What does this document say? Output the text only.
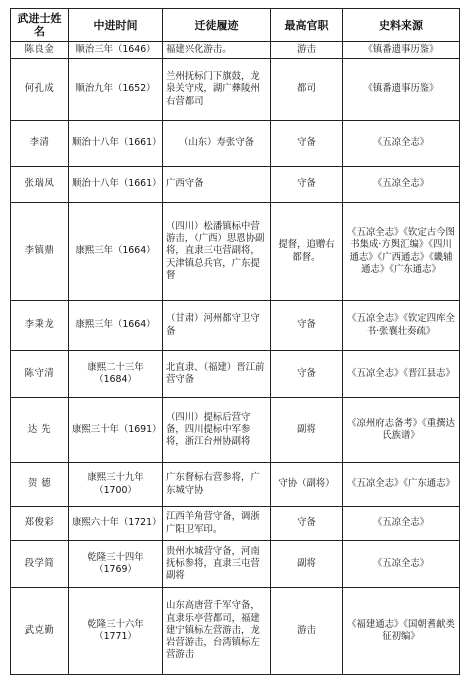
武进士姓名	中进时间	迁徒履迹	最高官职	史料来源
陈良金	顺治三年（1646）	福建兴化游击。	游击	《镇番遗事历鉴》
何孔成	顺治九年（1652）	兰州抚标门下旗鼓，龙泉关守戍，湖广彝陵州右营都司	都司	《镇番遗事历鉴》
李清	顺治十八年（1661）	（山东）寿张守备	守备	《五凉全志》
张瑞凤	顺治十八年（1661）	广西守备	守备	《五凉全志》
李镇鼎	康熙三年（1664）	（四川）松潘镇标中营游击，（广西）思恩协副将，直隶三屯营副将，天津镇总兵官，广东提督	提督，追赠右都督。	《五凉全志》《钦定古今图书集成·方舆汇编》《四川通志》《广西通志》《畿辅通志》《广东通志》
李秉龙	康熙三年（1664）	（甘肃）河州都守卫守备	守备	《五凉全志》《钦定四库全书·张襄壮奏疏》
陈守清	康熙二十三年（1684）	北直隶、（福建）晋江前营守备	守备	《五凉全志》《晋江县志》
达 先	康熙三十年（1691）	（四川）提标后营守备，四川提标中军参将，浙江台州协副将	副将	《凉州府志备考》《重撰达氏族谱》
贺 德	康熙三十九年（1700）	广东督标右营参将，广东城守协	守协（副将）	《五凉全志》《广东通志》
郑俊彩	康熙六十年（1721）	江西羊角营守备，调浙广阳卫军印。	守备	《五凉全志》
段学简	乾隆三十四年（1769）	贵州水城营守备，河南抚标参将，直隶三屯营副将	副将	《五凉全志》
武克勤	乾隆三十六年（1771）	山东高唐营千军守备，直隶乐亭营都司，福建建宁镇标左营游击，龙岩营游击，台湾镇标左营游击	游击	《福建通志》《国朝耆献类征初编》
